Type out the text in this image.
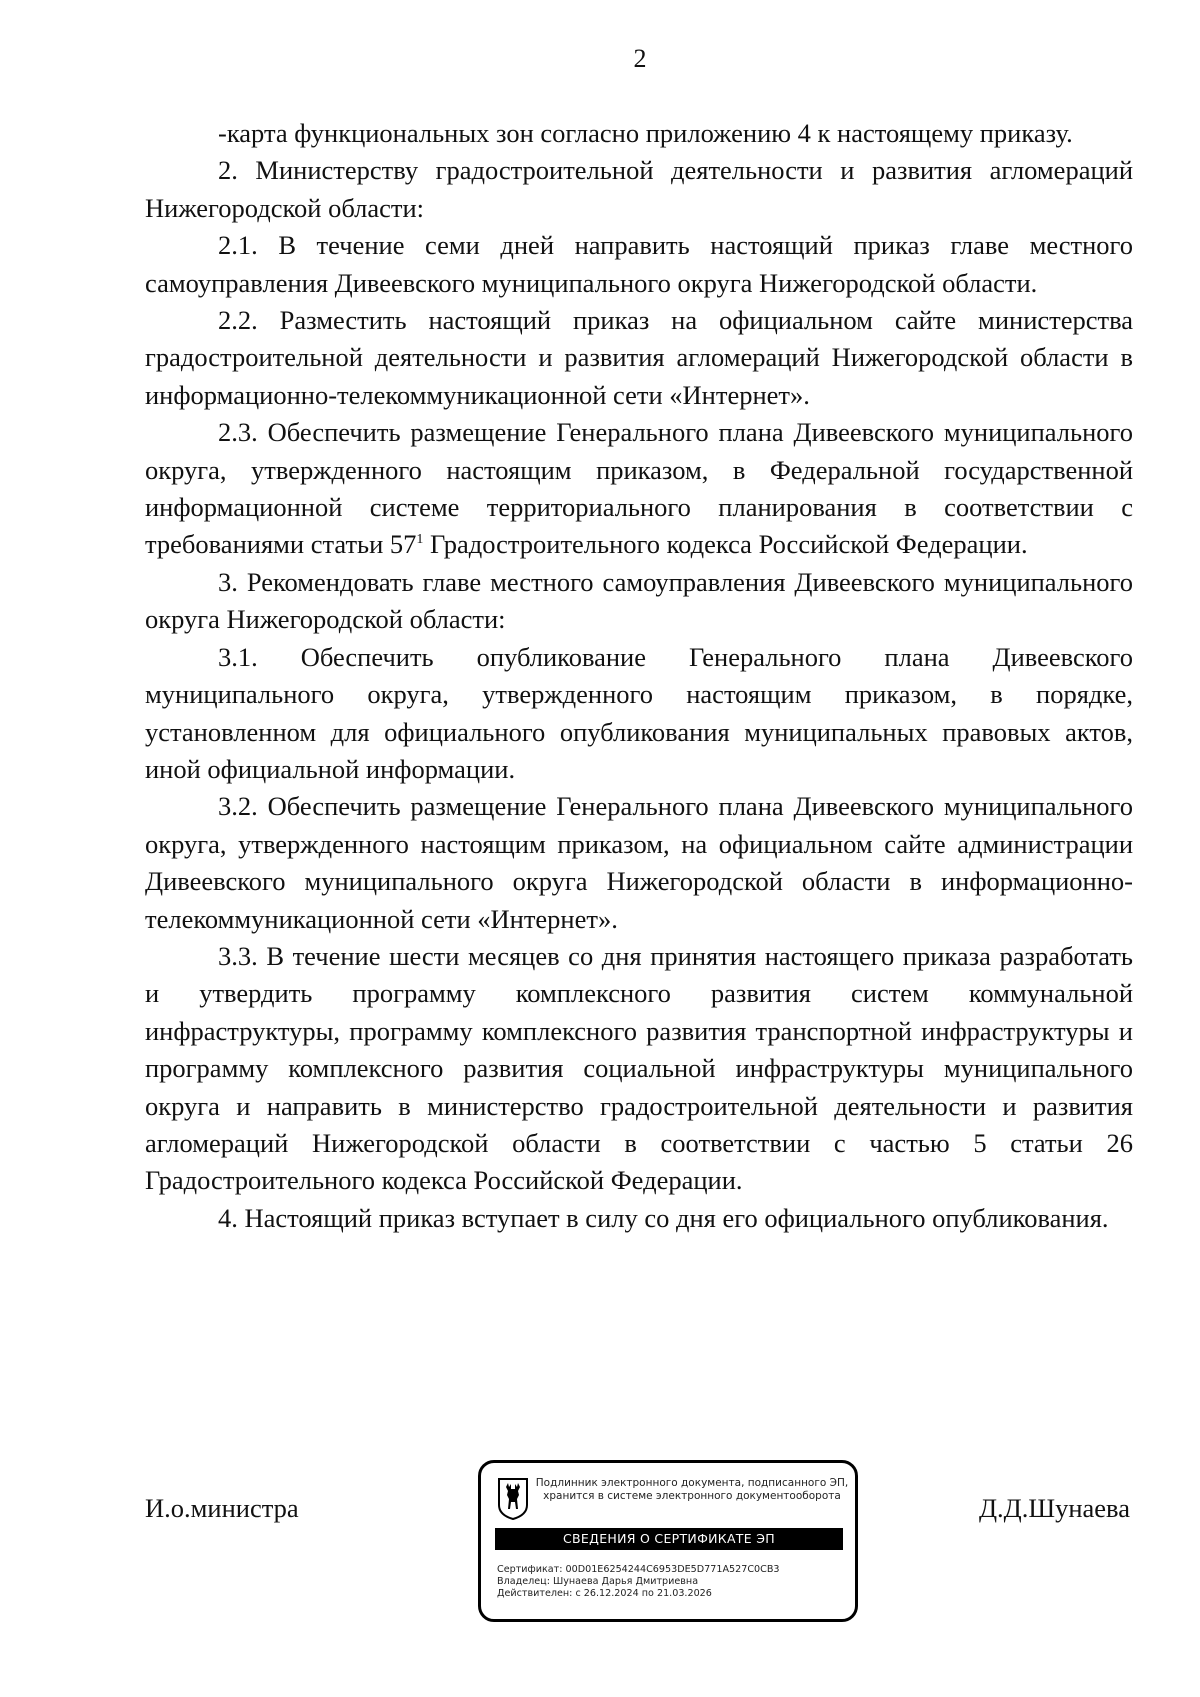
2

-карта функциональных зон согласно приложению 4 к настоящему приказу.

2. Министерству градостроительной деятельности и развития агломераций Нижегородской области:

2.1. В течение семи дней направить настоящий приказ главе местного самоуправления Дивеевского муниципального округа Нижегородской области.

2.2. Разместить настоящий приказ на официальном сайте министерства градостроительной деятельности и развития агломераций Нижегородской области в информационно-телекоммуникационной сети «Интернет».

2.3. Обеспечить размещение Генерального плана Дивеевского муниципального округа, утвержденного настоящим приказом, в Федеральной государственной информационной системе территориального планирования в соответствии с требованиями статьи $57^1$ Градостроительного кодекса Российской Федерации.

3. Рекомендовать главе местного самоуправления Дивеевского муниципального округа Нижегородской области:

3.1. Обеспечить опубликование Генерального плана Дивеевского муниципального округа, утвержденного настоящим приказом, в порядке, установленном для официального опубликования муниципальных правовых актов, иной официальной информации.

3.2. Обеспечить размещение Генерального плана Дивеевского муниципального округа, утвержденного настоящим приказом, на официальном сайте администрации Дивеевского муниципального округа Нижегородской области в информационно-телекоммуникационной сети «Интернет».

3.3. В течение шести месяцев со дня принятия настоящего приказа разработать и утвердить программу комплексного развития систем коммунальной инфраструктуры, программу комплексного развития транспортной инфраструктуры и программу комплексного развития социальной инфраструктуры муниципального округа и направить в министерство градостроительной деятельности и развития агломераций Нижегородской области в соответствии с частью 5 статьи 26 Градостроительного кодекса Российской Федерации.

4. Настоящий приказ вступает в силу со дня его официального опубликования.

И.о.министра
Подлинник электронного документа, подписанного ЭП,
хранится в системе электронного документооборота
СВЕДЕНИЯ О СЕРТИФИКАТЕ ЭП
Сертификат: 00D01E6254244C6953DE5D771A527C0CB3
Владелец: Шунаева Дарья Дмитриевна
Действителен: с 26.12.2024 по 21.03.2026
Д.Д.Шунаева
